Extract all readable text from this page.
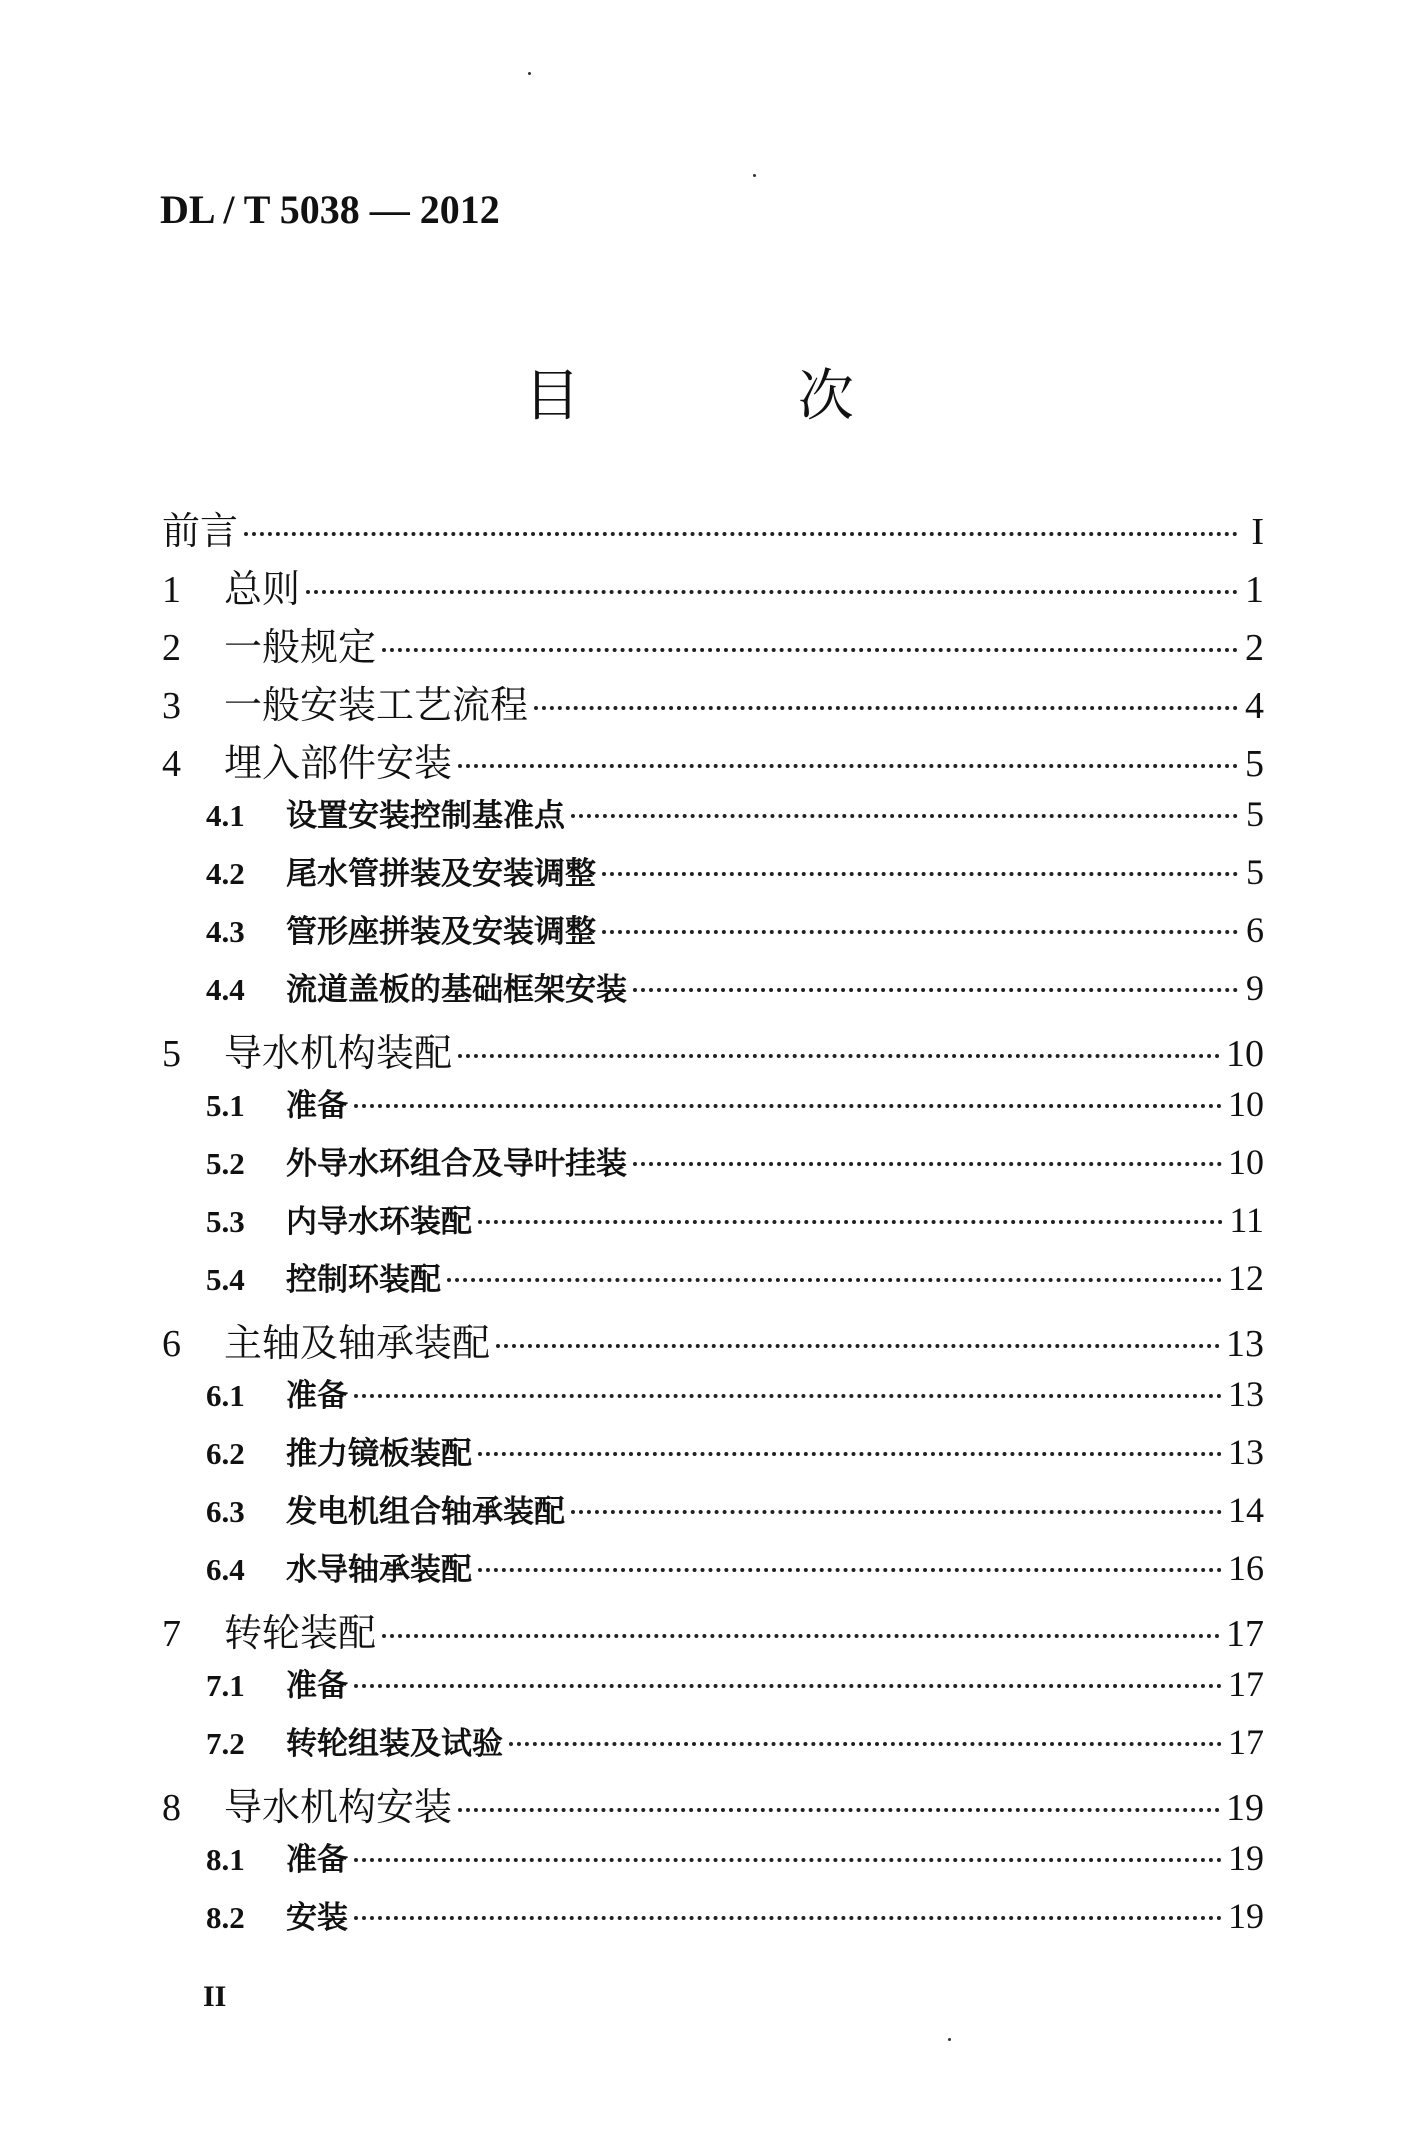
DL / T 5038 — 2012
目 次
前言	I
1	总则	1
2	一般规定	2
3	一般安装工艺流程	4
4	埋入部件安装	5
4.1	设置安装控制基准点	5
4.2	尾水管拼装及安装调整	5
4.3	管形座拼装及安装调整	6
4.4	流道盖板的基础框架安装	9
5	导水机构装配	10
5.1	准备	10
5.2	外导水环组合及导叶挂装	10
5.3	内导水环装配	11
5.4	控制环装配	12
6	主轴及轴承装配	13
6.1	准备	13
6.2	推力镜板装配	13
6.3	发电机组合轴承装配	14
6.4	水导轴承装配	16
7	转轮装配	17
7.1	准备	17
7.2	转轮组装及试验	17
8	导水机构安装	19
8.1	准备	19
8.2	安装	19
II
